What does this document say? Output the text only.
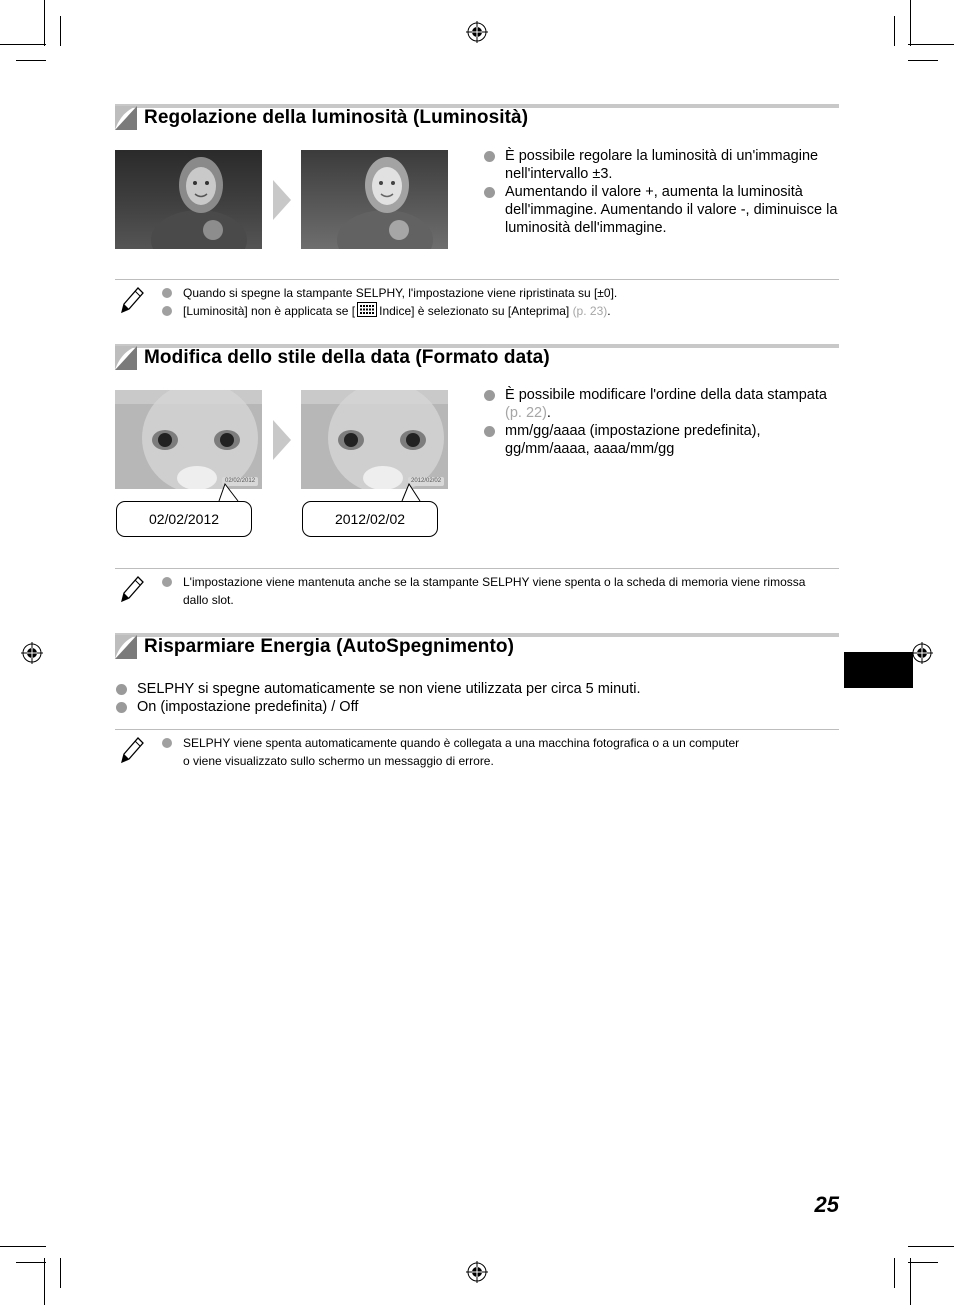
Regolazione della luminosità (Luminosità)
È possibile regolare la luminosità di un'immagine nell'intervallo ±3.
Aumentando il valore +, aumenta la luminosità dell'immagine. Aumentando il valore -, diminuisce la luminosità dell'immagine.
Quando si spegne la stampante SELPHY, l'impostazione viene ripristinata su [±0].
[Luminosità] non è applicata se [ Indice] è selezionato su [Anteprima] (p. 23).
Modifica dello stile della data (Formato data)
02/02/2012	2012/02/02
02/02/2012	2012/02/02
È possibile modificare l'ordine della data stampata (p. 22).
mm/gg/aaaa (impostazione predefinita), gg/mm/aaaa, aaaa/mm/gg
L'impostazione viene mantenuta anche se la stampante SELPHY viene spenta o la scheda di memoria viene rimossa dallo slot.
Risparmiare Energia (AutoSpegnimento)
SELPHY si spegne automaticamente se non viene utilizzata per circa 5 minuti.
On (impostazione predefinita) / Off
SELPHY viene spenta automaticamente quando è collegata a una macchina fotografica o a un computer
o viene visualizzato sullo schermo un messaggio di errore.
25
